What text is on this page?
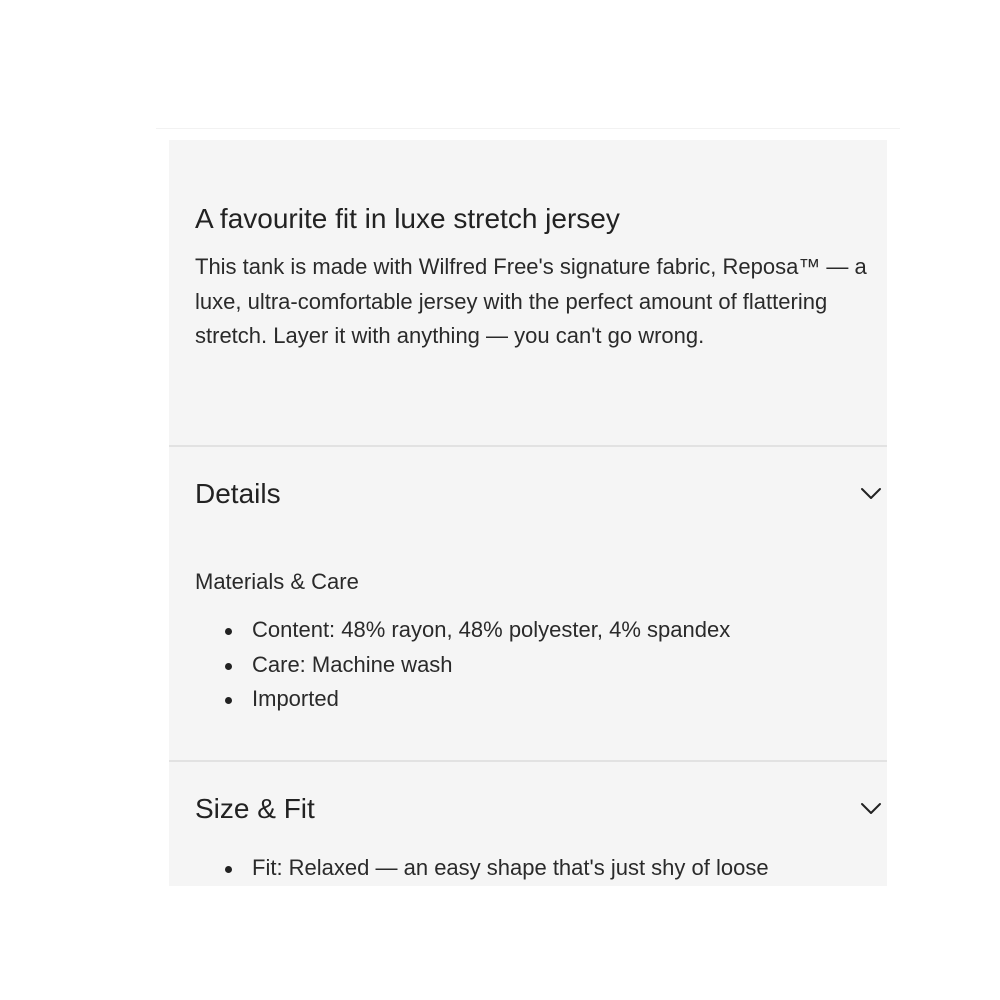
A favourite fit in luxe stretch jersey
This tank is made with Wilfred Free's signature fabric, Reposa™ — a luxe, ultra-comfortable jersey with the perfect amount of flattering stretch. Layer it with anything — you can't go wrong.
Details
Materials & Care
Content: 48% rayon, 48% polyester, 4% spandex
Care: Machine wash
Imported
Size & Fit
Fit: Relaxed — an easy shape that's just shy of loose
